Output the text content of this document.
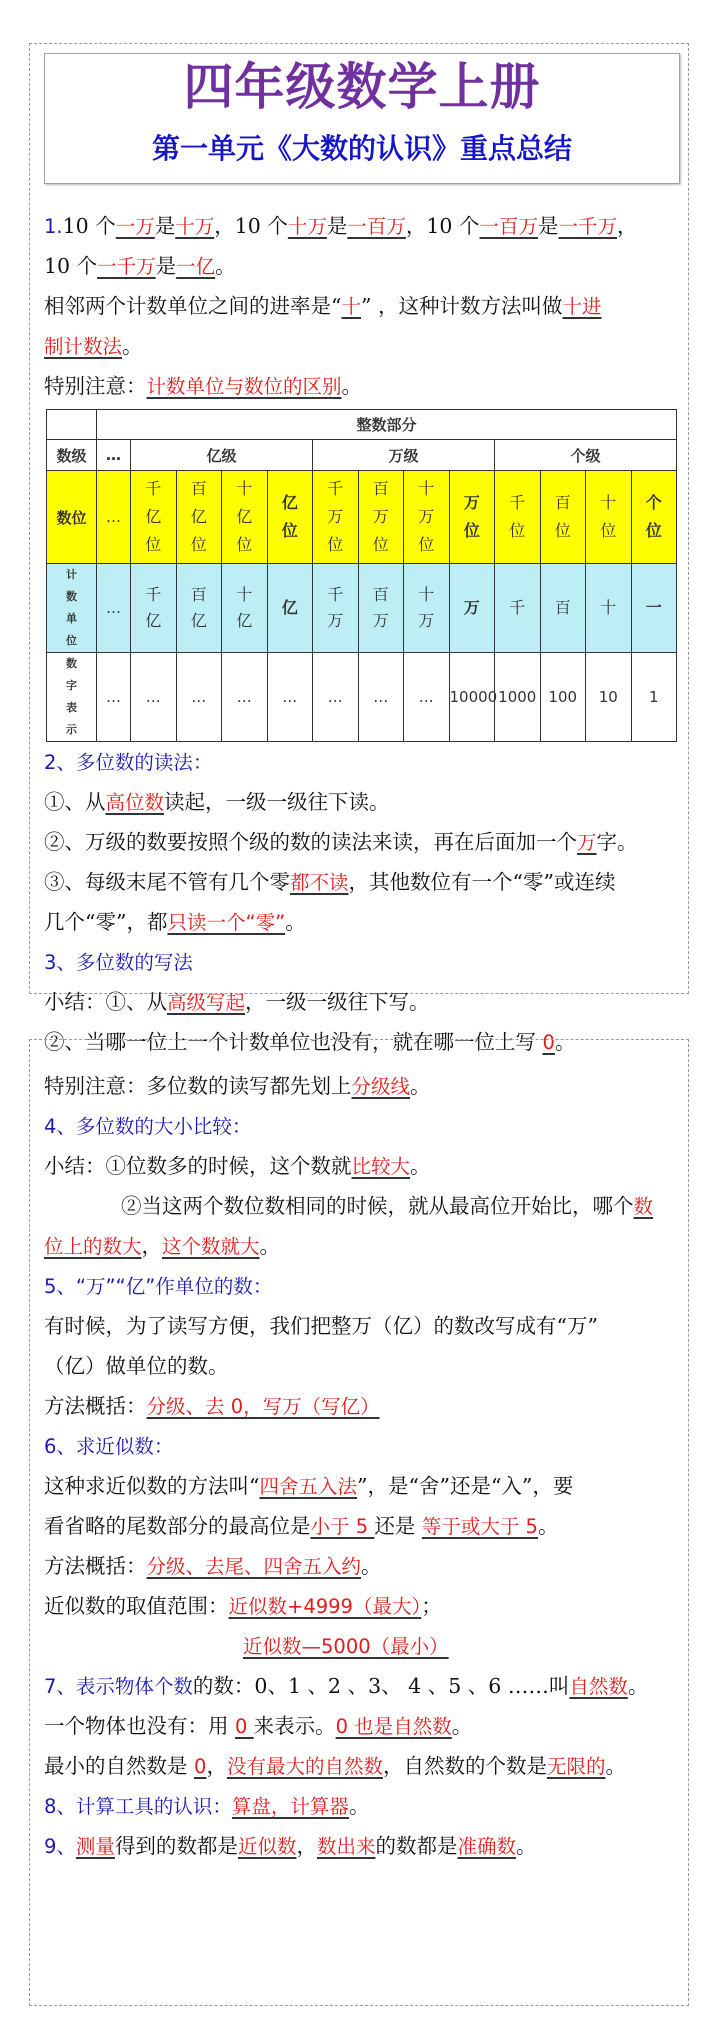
四年级数学上册
第一单元《大数的认识》重点总结
1.10 个一万是十万，10 个十万是一百万，10 个一百万是一千万，
10 个一千万是一亿。
相邻两个计数单位之间的进率是“十” ，这种计数方法叫做十进
制计数法。
特别注意：计数单位与数位的区别。
	整数部分												
数级	…	亿级				万级				个级			
数位	…	千亿位	百亿位	十亿位	亿位	千万位	百万位	十万位	万位	千位	百位	十位	个位
计数单位	…	千亿	百亿	十亿	亿	千万	百万	十万	万	千	百	十	一
数字表示	…	…	…	…	…	…	…	…	10000	1000	100	10	1
2、多位数的读法：
①、从高位数读起，一级一级往下读。
②、万级的数要按照个级的数的读法来读，再在后面加一个万字。
③、每级末尾不管有几个零都不读，其他数位有一个“零”或连续
几个“零”，都只读一个“零”。
3、多位数的写法
小结：①、从高级写起，一级一级往下写。
②、当哪一位上一个计数单位也没有，就在哪一位上写 0。
特别注意：多位数的读写都先划上分级线。
4、多位数的大小比较：
小结：①位数多的时候，这个数就比较大。
②当这两个数位数相同的时候，就从最高位开始比，哪个数
位上的数大，这个数就大。
5、“万”“亿”作单位的数：
有时候，为了读写方便，我们把整万（亿）的数改写成有“万”
（亿）做单位的数。
方法概括：分级、去 0，写万（写亿）
6、求近似数：
这种求近似数的方法叫“四舍五入法”，是“舍”还是“入”，要
看省略的尾数部分的最高位是小于 5 还是 等于或大于 5。
方法概括：分级、去尾、四舍五入约。
近似数的取值范围：近似数+4999（最大）；
近似数—5000（最小）
7、表示物体个数的数：0、1 、2 、3、 4 、5 、6 ……叫自然数。
一个物体也没有：用 0 来表示。0 也是自然数。
最小的自然数是 0，没有最大的自然数，自然数的个数是无限的。
8、计算工具的认识：算盘，计算器。
9、测量得到的数都是近似数，数出来的数都是准确数。
